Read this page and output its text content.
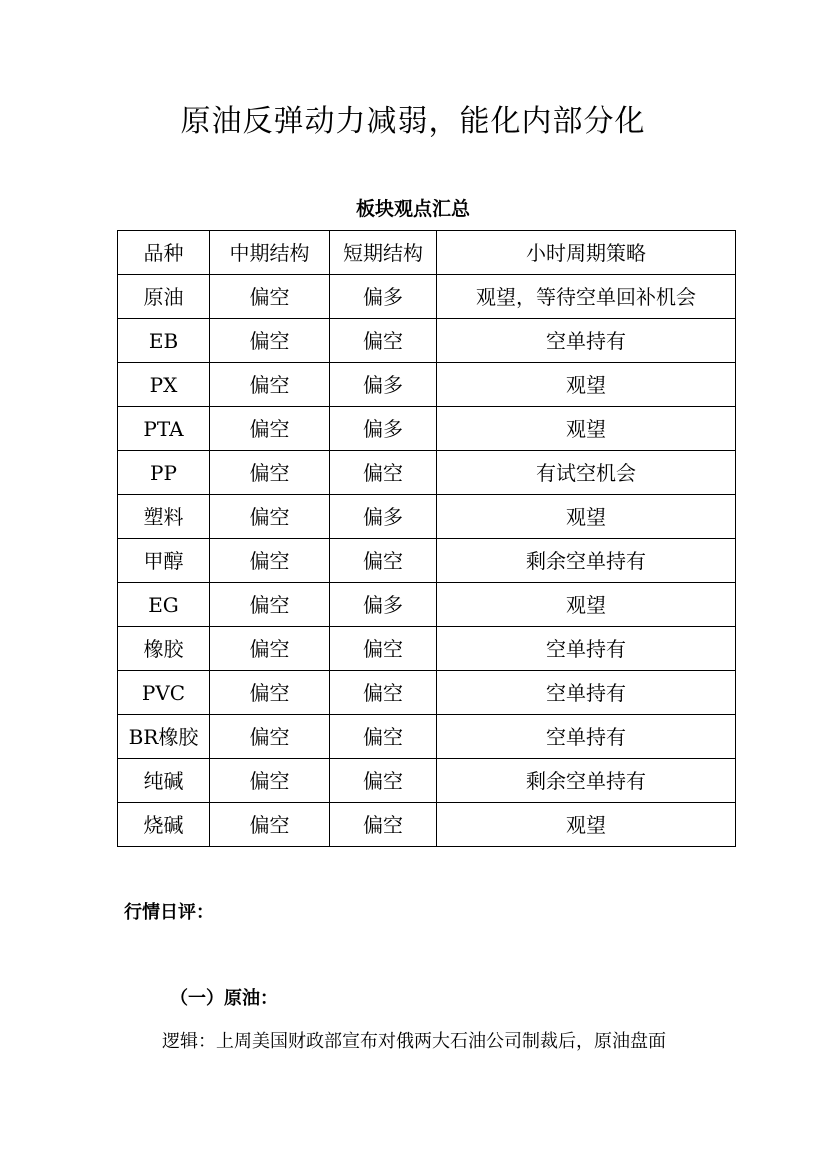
原油反弹动力减弱，能化内部分化
板块观点汇总
品种	中期结构	短期结构	小时周期策略
原油	偏空	偏多	观望，等待空单回补机会
EB	偏空	偏空	空单持有
PX	偏空	偏多	观望
PTA	偏空	偏多	观望
PP	偏空	偏空	有试空机会
塑料	偏空	偏多	观望
甲醇	偏空	偏空	剩余空单持有
EG	偏空	偏多	观望
橡胶	偏空	偏空	空单持有
PVC	偏空	偏空	空单持有
BR橡胶	偏空	偏空	空单持有
纯碱	偏空	偏空	剩余空单持有
烧碱	偏空	偏空	观望
行情日评：
（一）原油：
逻辑：上周美国财政部宣布对俄两大石油公司制裁后，原油盘面
